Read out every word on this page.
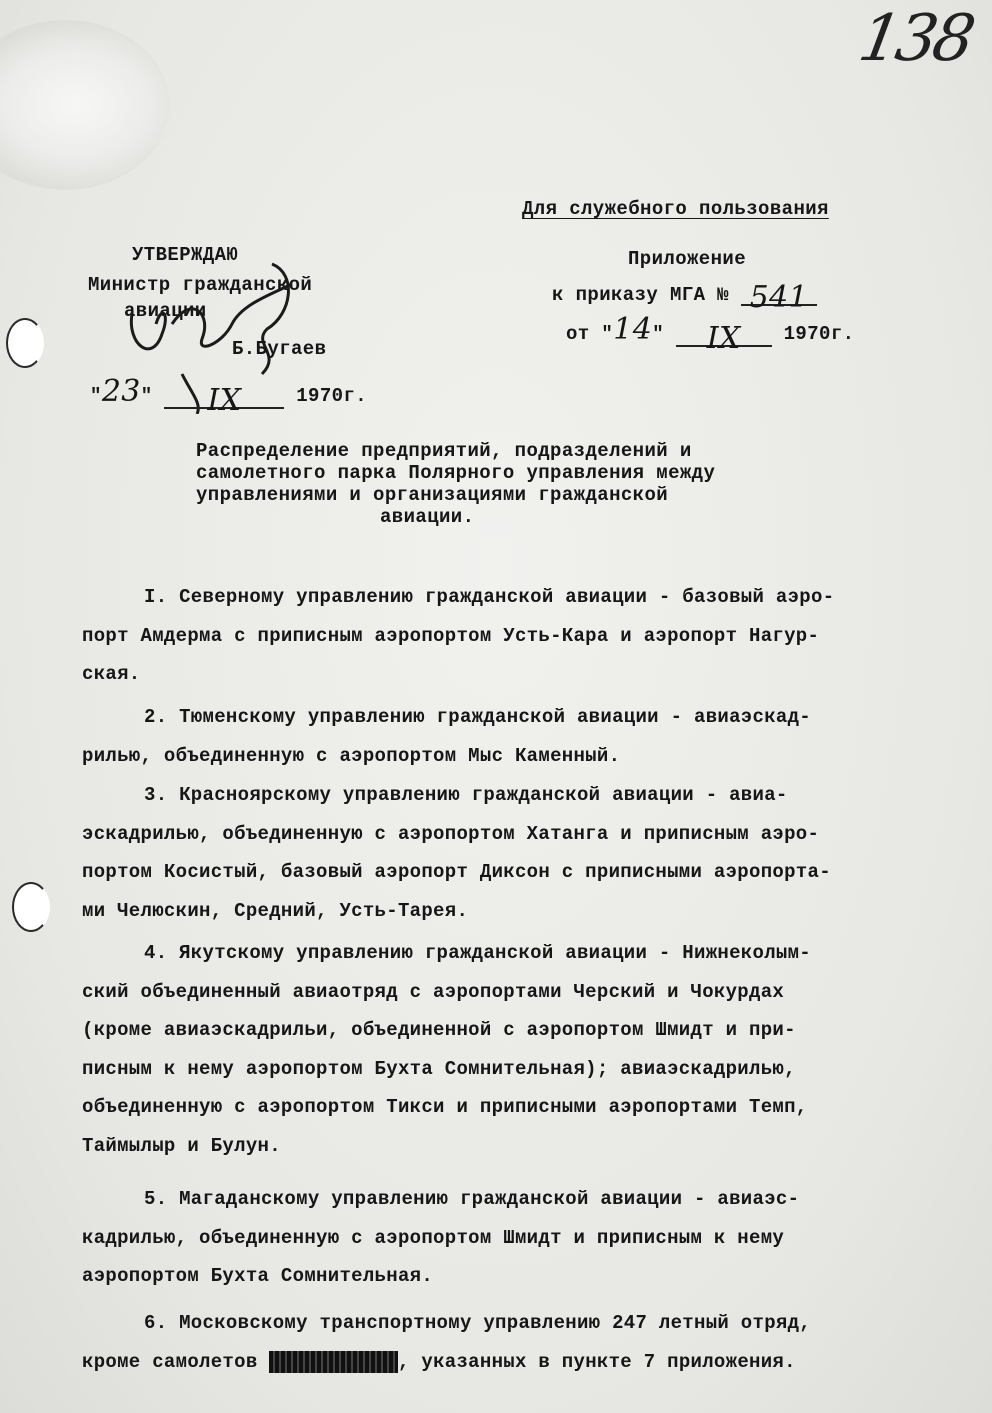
138
Для служебного пользования
УТВЕРЖДАЮ
Министр гражданской
авиации
Б.Бугаев
"23" IX	1970г.
Приложение
к приказу МГА № 541
от "14" IX 1970г.
Распределение предприятий, подразделений и
самолетного парка Полярного управления между
управлениями и организациями гражданской
авиации.
I. Северному управлению гражданской авиации - базовый аэро-
порт Амдерма с приписным аэропортом Усть-Кара и аэропорт Нагур-
ская.
2. Тюменскому управлению гражданской авиации - авиаэскад-
рилью, объединенную с аэропортом Мыс Каменный.
3. Красноярскому управлению гражданской авиации - авиа-
эскадрилью, объединенную с аэропортом Хатанга и приписным аэро-
портом Косистый, базовый аэропорт Диксон с приписными аэропорта-
ми Челюскин, Средний, Усть-Тарея.
4. Якутскому управлению гражданской авиации - Нижнеколым-
ский объединенный авиаотряд с аэропортами Черский и Чокурдах
(кроме авиаэскадрильи, объединенной с аэропортом Шмидт и при-
писным к нему аэропортом Бухта Сомнительная); авиаэскадрилью,
объединенную с аэропортом Тикси и приписными аэропортами Темп,
Таймылыр и Булун.
5. Магаданскому управлению гражданской авиации - авиаэс-
кадрилью, объединенную с аэропортом Шмидт и приписным к нему
аэропортом Бухта Сомнительная.
6. Московскому транспортному управлению 247 летный отряд,
кроме самолетов	, указанных в пункте 7 приложения.
